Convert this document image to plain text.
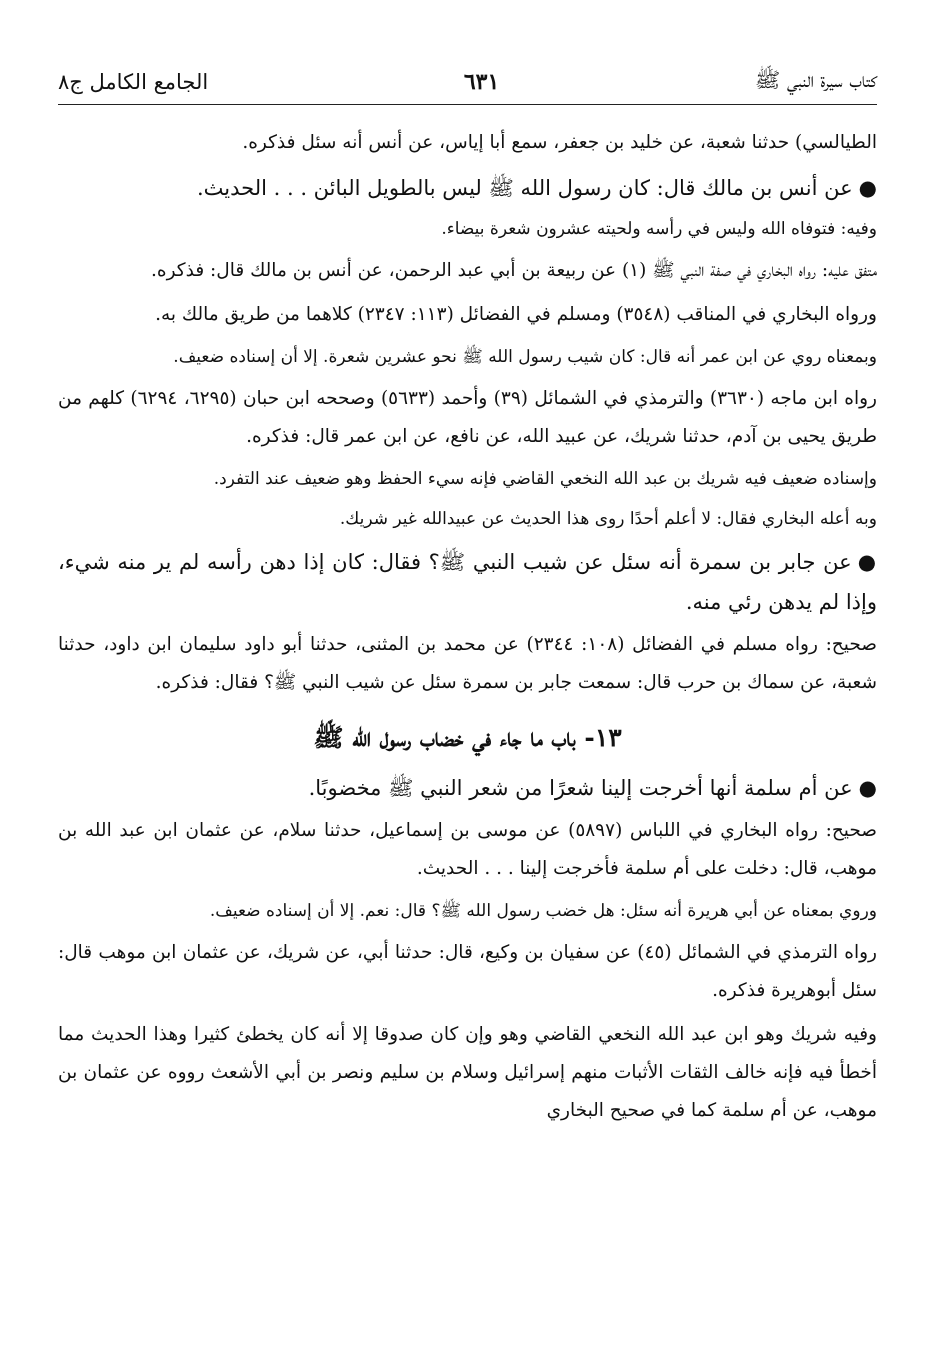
كتاب سيرة النبي ﷺ
٦٣١
الجامع الكامل ج٨

الطيالسي) حدثنا شعبة، عن خليد بن جعفر، سمع أبا إياس، عن أنس أنه سئل فذكره.

●عن أنس بن مالك قال: كان رسول الله ﷺ ليس بالطويل البائن . . . الحديث.

وفيه: فتوفاه الله وليس في رأسه ولحيته عشرون شعرة بيضاء.

متفق عليه: رواه البخاري في صفة النبي ﷺ (١) عن ربيعة بن أبي عبد الرحمن، عن أنس بن مالك قال: فذكره.

ورواه البخاري في المناقب (٣٥٤٨) ومسلم في الفضائل (١١٣: ٢٣٤٧) كلاهما من طريق مالك به.

وبمعناه روي عن ابن عمر أنه قال: كان شيب رسول الله ﷺ نحو عشرين شعرة. إلا أن إسناده ضعيف.

رواه ابن ماجه (٣٦٣٠) والترمذي في الشمائل (٣٩) وأحمد (٥٦٣٣) وصححه ابن حبان (٦٢٩٥، ٦٢٩٤) كلهم من طريق يحيى بن آدم، حدثنا شريك، عن عبيد الله، عن نافع، عن ابن عمر قال: فذكره.

وإسناده ضعيف فيه شريك بن عبد الله النخعي القاضي فإنه سيء الحفظ وهو ضعيف عند التفرد.

وبه أعله البخاري فقال: لا أعلم أحدًا روى هذا الحديث عن عبيدالله غير شريك.

●عن جابر بن سمرة أنه سئل عن شيب النبي ﷺ؟ فقال: كان إذا دهن رأسه لم ير منه شيء، وإذا لم يدهن رئي منه.

صحيح: رواه مسلم في الفضائل (١٠٨: ٢٣٤٤) عن محمد بن المثنى، حدثنا أبو داود سليمان ابن داود، حدثنا شعبة، عن سماك بن حرب قال: سمعت جابر بن سمرة سئل عن شيب النبي ﷺ؟ فقال: فذكره.

١٣- باب ما جاء في خضاب رسول الله ﷺ

●عن أم سلمة أنها أخرجت إلينا شعرًا من شعر النبي ﷺ مخضوبًا.

صحيح: رواه البخاري في اللباس (٥٨٩٧) عن موسى بن إسماعيل، حدثنا سلام، عن عثمان ابن عبد الله بن موهب، قال: دخلت على أم سلمة فأخرجت إلينا . . . الحديث.

وروي بمعناه عن أبي هريرة أنه سئل: هل خضب رسول الله ﷺ؟ قال: نعم. إلا أن إسناده ضعيف.

رواه الترمذي في الشمائل (٤٥) عن سفيان بن وكيع، قال: حدثنا أبي، عن شريك، عن عثمان ابن موهب قال: سئل أبوهريرة فذكره.

وفيه شريك وهو ابن عبد الله النخعي القاضي وهو وإن كان صدوقا إلا أنه كان يخطئ كثيرا وهذا الحديث مما أخطأ فيه فإنه خالف الثقات الأثبات منهم إسرائيل وسلام بن سليم ونصر بن أبي الأشعث رووه عن عثمان بن موهب، عن أم سلمة كما في صحيح البخاري
